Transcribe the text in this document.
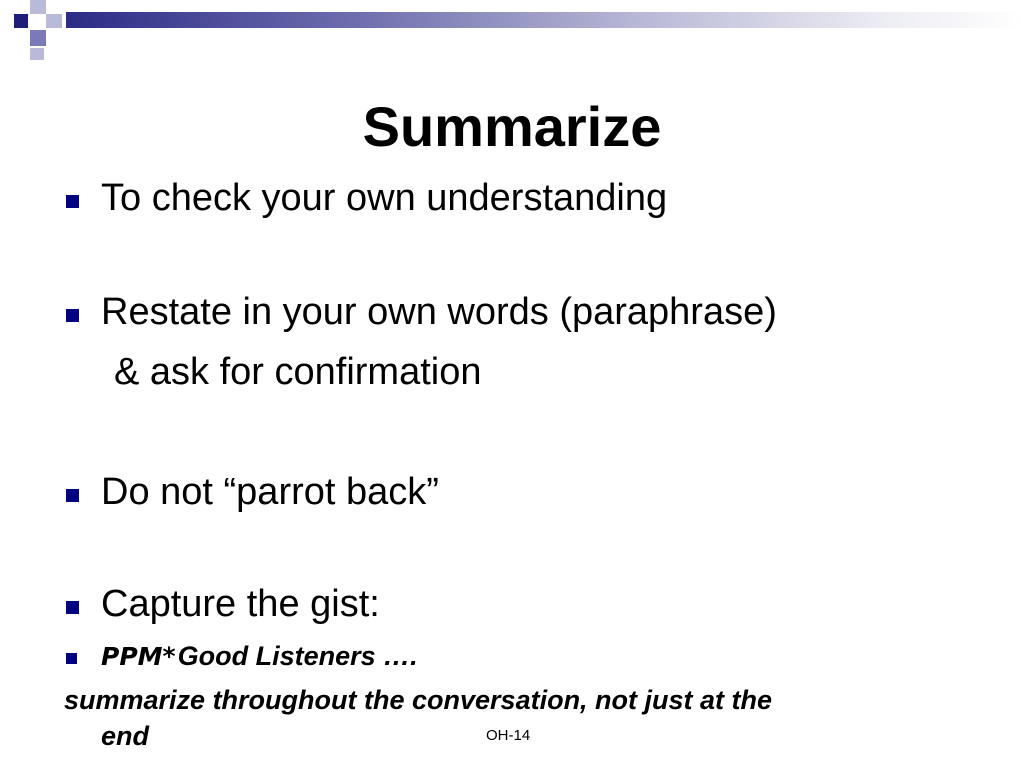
Summarize
To check your own understanding
Restate in your own words (paraphrase)
& ask for confirmation
Do not “parrot back”
Capture the gist:
PPM*Good Listeners ….
summarize throughout the conversation, not just at the
end	OH-14
